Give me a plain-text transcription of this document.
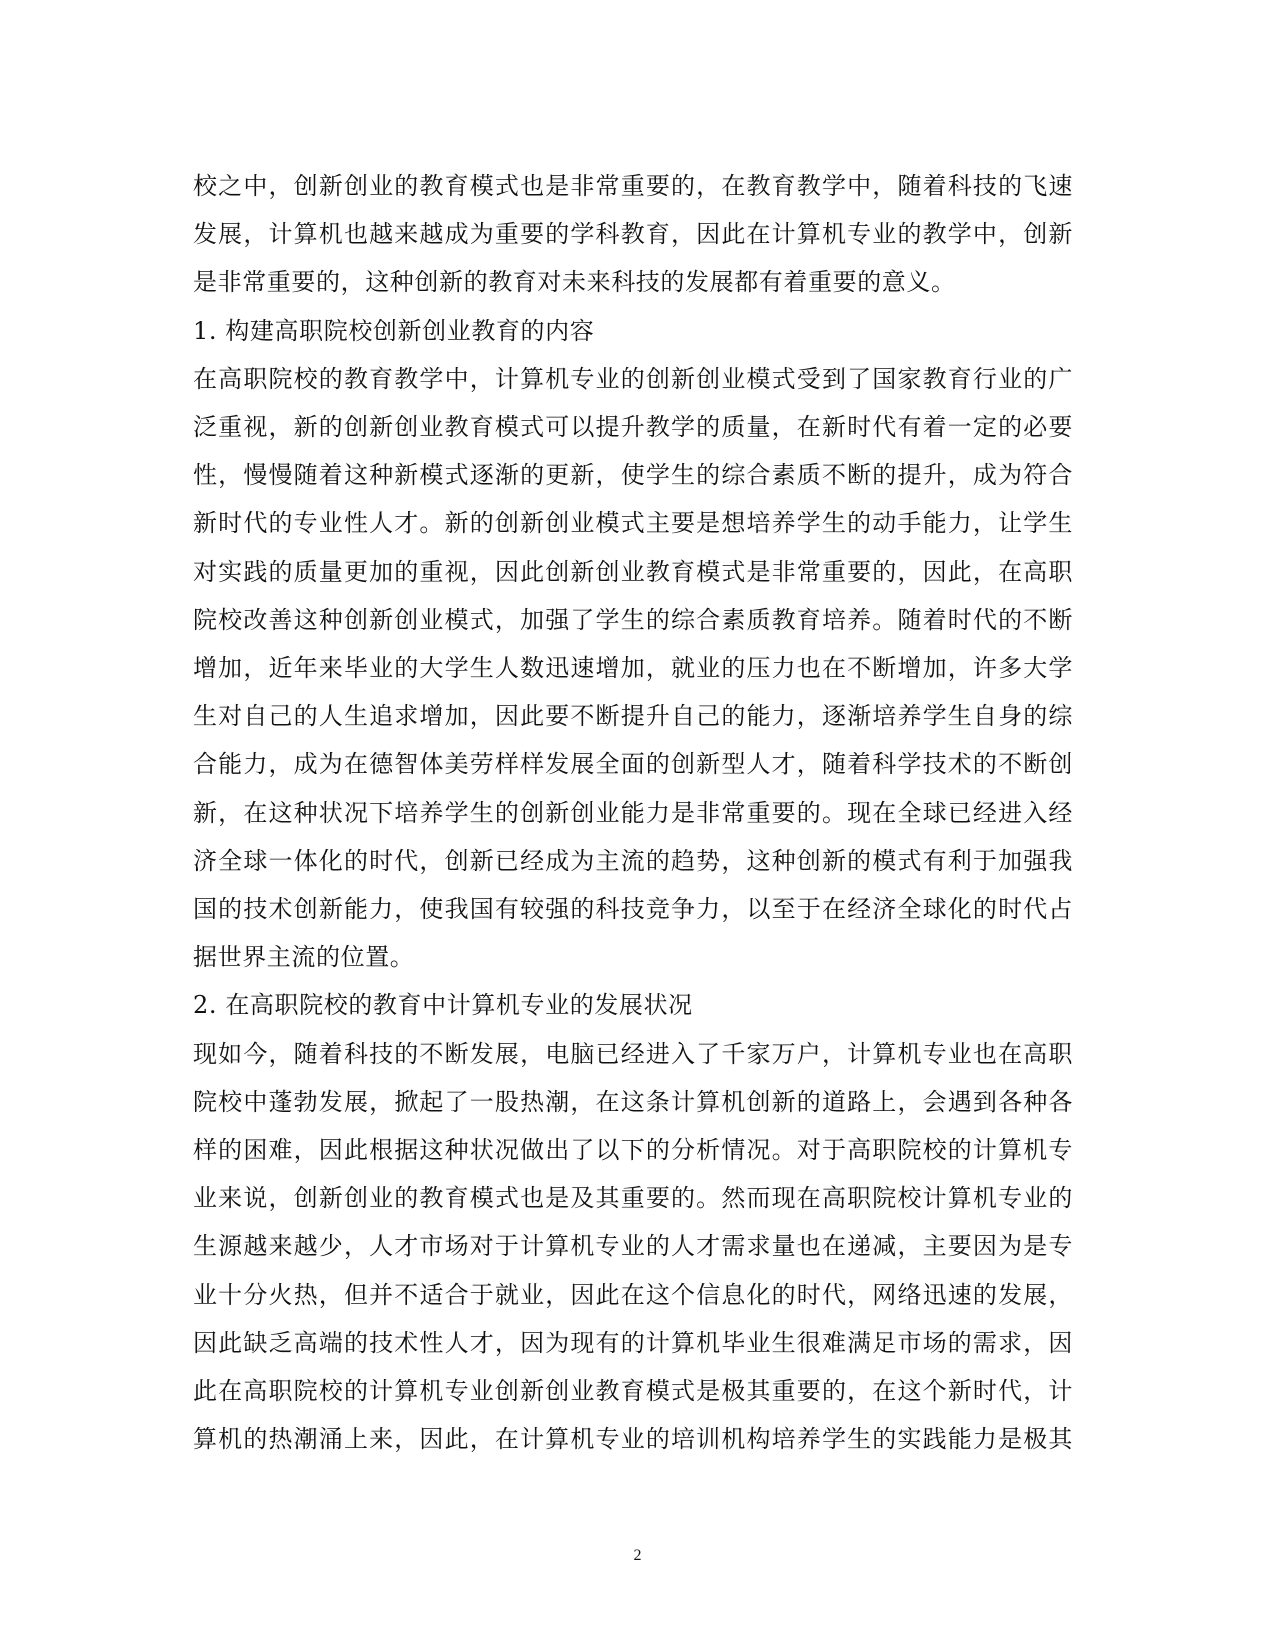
校之中，创新创业的教育模式也是非常重要的，在教育教学中，随着科技的飞速
发展，计算机也越来越成为重要的学科教育，因此在计算机专业的教学中，创新
是非常重要的，这种创新的教育对未来科技的发展都有着重要的意义。

1. 构建高职院校创新创业教育的内容

在高职院校的教育教学中，计算机专业的创新创业模式受到了国家教育行业的广
泛重视，新的创新创业教育模式可以提升教学的质量，在新时代有着一定的必要
性，慢慢随着这种新模式逐渐的更新，使学生的综合素质不断的提升，成为符合
新时代的专业性人才。新的创新创业模式主要是想培养学生的动手能力，让学生
对实践的质量更加的重视，因此创新创业教育模式是非常重要的，因此，在高职
院校改善这种创新创业模式，加强了学生的综合素质教育培养。随着时代的不断
增加，近年来毕业的大学生人数迅速增加，就业的压力也在不断增加，许多大学
生对自己的人生追求增加，因此要不断提升自己的能力，逐渐培养学生自身的综
合能力，成为在德智体美劳样样发展全面的创新型人才，随着科学技术的不断创
新，在这种状况下培养学生的创新创业能力是非常重要的。现在全球已经进入经
济全球一体化的时代，创新已经成为主流的趋势，这种创新的模式有利于加强我
国的技术创新能力，使我国有较强的科技竞争力，以至于在经济全球化的时代占
据世界主流的位置。

2. 在高职院校的教育中计算机专业的发展状况

现如今，随着科技的不断发展，电脑已经进入了千家万户，计算机专业也在高职
院校中蓬勃发展，掀起了一股热潮，在这条计算机创新的道路上，会遇到各种各
样的困难，因此根据这种状况做出了以下的分析情况。对于高职院校的计算机专
业来说，创新创业的教育模式也是及其重要的。然而现在高职院校计算机专业的
生源越来越少，人才市场对于计算机专业的人才需求量也在递减，主要因为是专
业十分火热，但并不适合于就业，因此在这个信息化的时代，网络迅速的发展，
因此缺乏高端的技术性人才，因为现有的计算机毕业生很难满足市场的需求，因
此在高职院校的计算机专业创新创业教育模式是极其重要的，在这个新时代，计
算机的热潮涌上来，因此，在计算机专业的培训机构培养学生的实践能力是极其

2
